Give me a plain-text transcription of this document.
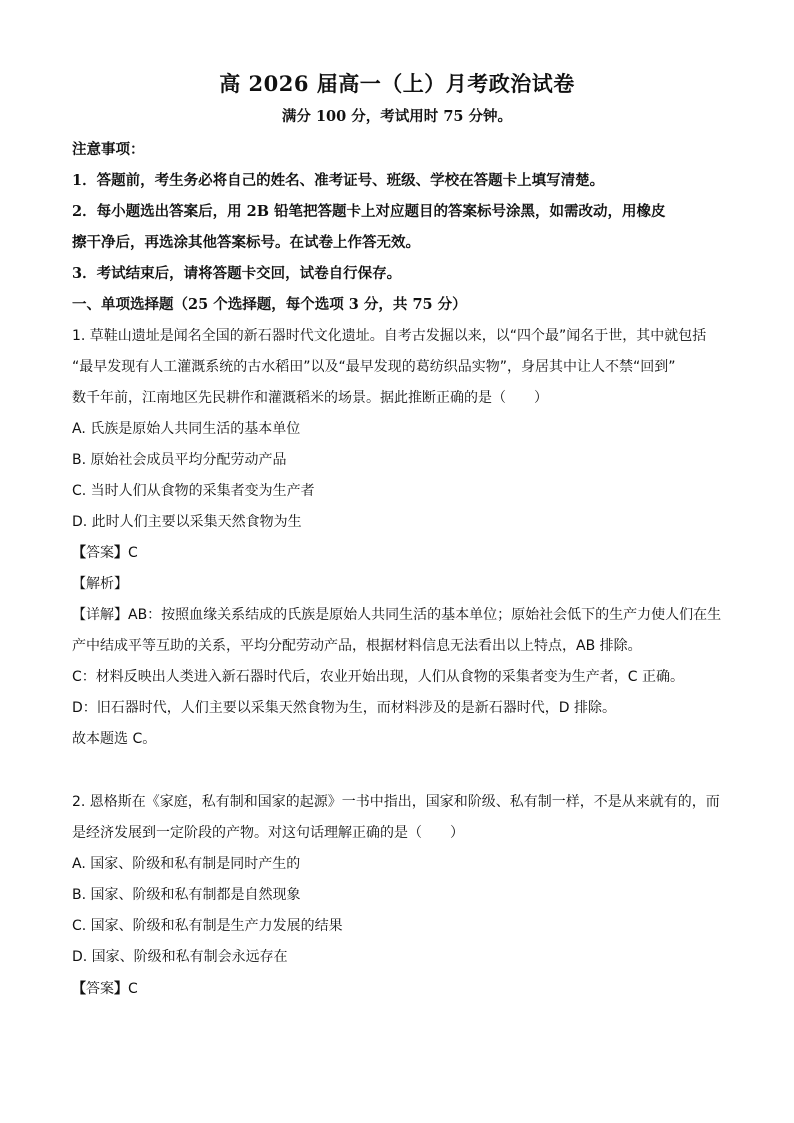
高 2026 届高一（上）月考政治试卷
满分 100 分，考试用时 75 分钟。
注意事项：
1．答题前，考生务必将自己的姓名、准考证号、班级、学校在答题卡上填写清楚。
2．每小题选出答案后，用 2B 铅笔把答题卡上对应题目的答案标号涂黑，如需改动，用橡皮
擦干净后，再选涂其他答案标号。在试卷上作答无效。
3．考试结束后，请将答题卡交回，试卷自行保存。
一、单项选择题（25 个选择题，每个选项 3 分，共 75 分）
1. 草鞋山遗址是闻名全国的新石器时代文化遗址。自考古发掘以来，以“四个最”闻名于世，其中就包括
“最早发现有人工灌溉系统的古水稻田”以及“最早发现的葛纺织品实物”，身居其中让人不禁“回到”
数千年前，江南地区先民耕作和灌溉稻米的场景。据此推断正确的是（　　）
A. 氏族是原始人共同生活的基本单位
B. 原始社会成员平均分配劳动产品
C. 当时人们从食物的采集者变为生产者
D. 此时人们主要以采集天然食物为生
【答案】C
【解析】
【详解】AB：按照血缘关系结成的氏族是原始人共同生活的基本单位；原始社会低下的生产力使人们在生
产中结成平等互助的关系，平均分配劳动产品，根据材料信息无法看出以上特点，AB 排除。
C：材料反映出人类进入新石器时代后，农业开始出现，人们从食物的采集者变为生产者，C 正确。
D：旧石器时代，人们主要以采集天然食物为生，而材料涉及的是新石器时代，D 排除。
故本题选 C。
2. 恩格斯在《家庭，私有制和国家的起源》一书中指出，国家和阶级、私有制一样，不是从来就有的，而
是经济发展到一定阶段的产物。对这句话理解正确的是（　　）
A. 国家、阶级和私有制是同时产生的
B. 国家、阶级和私有制都是自然现象
C. 国家、阶级和私有制是生产力发展的结果
D. 国家、阶级和私有制会永远存在
【答案】C
